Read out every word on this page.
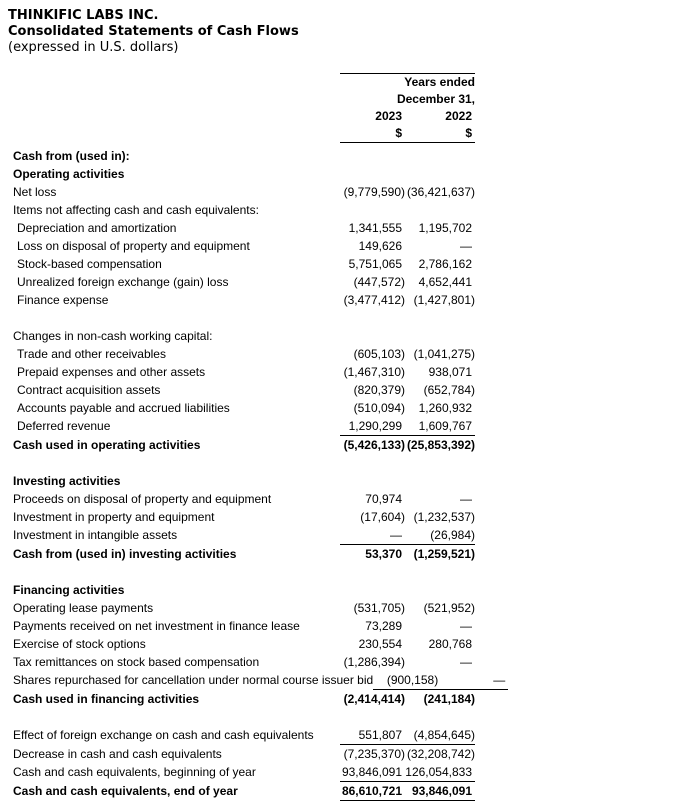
THINKIFIC LABS INC.
Consolidated Statements of Cash Flows
(expressed in U.S. dollars)
Years ended
December 31,
2023	2022
$	$
Cash from (used in):
Operating activities
Net loss	(9,779,590) (36,421,637)
Items not affecting cash and cash equivalents:
Depreciation and amortization	1,341,555 1,195,702
Loss on disposal of property and equipment	149,626	—
Stock-based compensation	5,751,065 2,786,162
Unrealized foreign exchange (gain) loss	(447,572) 4,652,441
Finance expense	(3,477,412) (1,427,801)
Changes in non-cash working capital:
Trade and other receivables	(605,103) (1,041,275)
Prepaid expenses and other assets	(1,467,310) 938,071
Contract acquisition assets	(820,379) (652,784)
Accounts payable and accrued liabilities	(510,094) 1,260,932
Deferred revenue	1,290,299 1,609,767
Cash used in operating activities	(5,426,133) (25,853,392)
Investing activities
Proceeds on disposal of property and equipment	70,974	—
Investment in property and equipment	(17,604) (1,232,537)
Investment in intangible assets	— (26,984)
Cash from (used in) investing activities	53,370 (1,259,521)
Financing activities
Operating lease payments	(531,705) (521,952)
Payments received on net investment in finance lease	73,289	—
Exercise of stock options	230,554 280,768
Tax remittances on stock based compensation	(1,286,394)	—
Shares repurchased for cancellation under normal course issuer bid (900,158)	—
Cash used in financing activities	(2,414,414) (241,184)
Effect of foreign exchange on cash and cash equivalents	551,807 (4,854,645)
Decrease in cash and cash equivalents	(7,235,370) (32,208,742)
Cash and cash equivalents, beginning of year	93,846,091 126,054,833
Cash and cash equivalents, end of year	86,610,721 93,846,091
